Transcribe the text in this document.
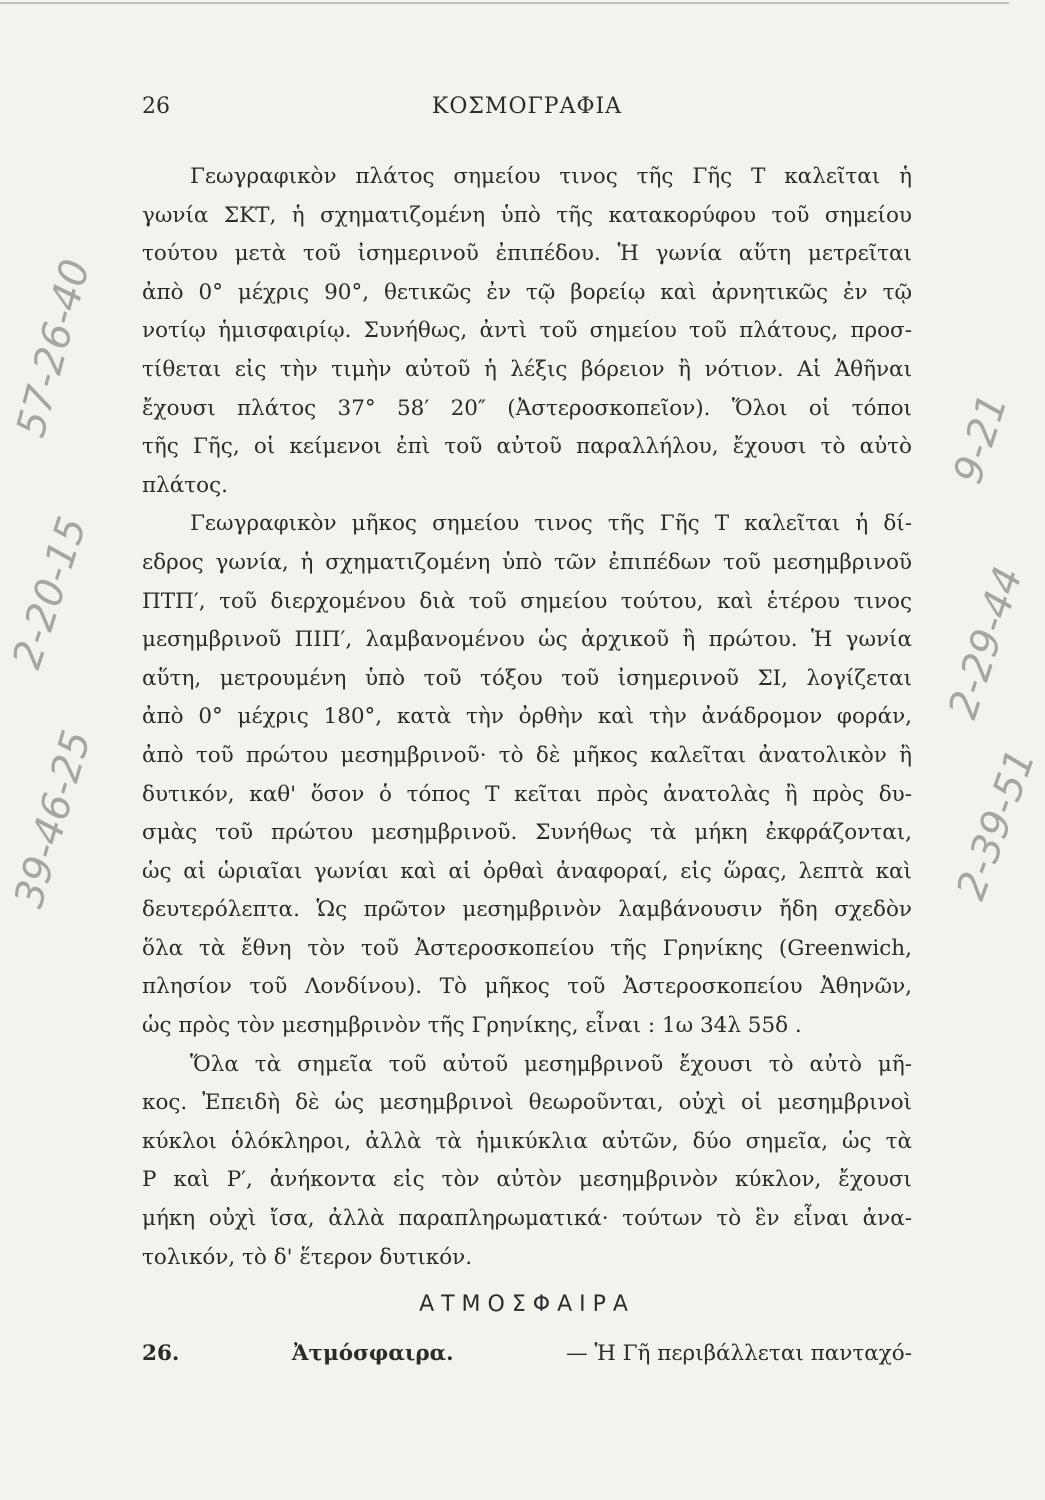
26	ΚΟΣΜΟΓΡΑΦΙΑ

Γεωγραφικὸν πλάτος σημείου τινος τῆς Γῆς Τ καλεῖται ἡ
γωνία ΣΚΤ, ἡ σχηματιζομένη ὑπὸ τῆς κατακορύφου τοῦ σημείου
τούτου μετὰ τοῦ ἰσημερινοῦ ἐπιπέδου. Ἡ γωνία αὕτη μετρεῖται
ἀπὸ 0° μέχρις 90°, θετικῶς ἐν τῷ βορείῳ καὶ ἀρνητικῶς ἐν τῷ
νοτίῳ ἡμισφαιρίῳ. Συνήθως, ἀντὶ τοῦ σημείου τοῦ πλάτους, προσ-
τίθεται εἰς τὴν τιμὴν αὐτοῦ ἡ λέξις βόρειον ἢ νότιον. Αἱ Ἀθῆναι
ἔχουσι πλάτος 37° 58′ 20″ (Ἀστεροσκοπεῖον). Ὅλοι οἱ τόποι
τῆς Γῆς, οἱ κείμενοι ἐπὶ τοῦ αὐτοῦ παραλλήλου, ἔχουσι τὸ αὐτὸ
πλάτος.

Γεωγραφικὸν μῆκος σημείου τινος τῆς Γῆς Τ καλεῖται ἡ δί-
εδρος γωνία, ἡ σχηματιζομένη ὑπὸ τῶν ἐπιπέδων τοῦ μεσημβρινοῦ
ΠΤΠ′, τοῦ διερχομένου διὰ τοῦ σημείου τούτου, καὶ ἑτέρου τινος
μεσημβρινοῦ ΠΙΠ′, λαμβανομένου ὡς ἀρχικοῦ ἢ πρώτου. Ἡ γωνία
αὕτη, μετρουμένη ὑπὸ τοῦ τόξου τοῦ ἰσημερινοῦ ΣΙ, λογίζεται
ἀπὸ 0° μέχρις 180°, κατὰ τὴν ὀρθὴν καὶ τὴν ἀνάδρομον φοράν,
ἀπὸ τοῦ πρώτου μεσημβρινοῦ· τὸ δὲ μῆκος καλεῖται ἀνατολικὸν ἢ
δυτικόν, καθ' ὅσον ὁ τόπος Τ κεῖται πρὸς ἀνατολὰς ἢ πρὸς δυ-
σμὰς τοῦ πρώτου μεσημβρινοῦ. Συνήθως τὰ μήκη ἐκφράζονται,
ὡς αἱ ὡριαῖαι γωνίαι καὶ αἱ ὀρθαὶ ἀναφοραί, εἰς ὥρας, λεπτὰ καὶ
δευτερόλεπτα. Ὡς πρῶτον μεσημβρινὸν λαμβάνουσιν ἤδη σχεδὸν
ὅλα τὰ ἔθνη τὸν τοῦ Ἀστεροσκοπείου τῆς Γρηνίκης (Greenwich,
πλησίον τοῦ Λονδίνου). Τὸ μῆκος τοῦ Ἀστεροσκοπείου Ἀθηνῶν,
ὡς πρὸς τὸν μεσημβρινὸν τῆς Γρηνίκης, εἶναι : 1ω 34λ 55δ .

Ὅλα τὰ σημεῖα τοῦ αὐτοῦ μεσημβρινοῦ ἔχουσι τὸ αὐτὸ μῆ-
κος. Ἐπειδὴ δὲ ὡς μεσημβρινοὶ θεωροῦνται, οὐχὶ οἱ μεσημβρινοὶ
κύκλοι ὁλόκληροι, ἀλλὰ τὰ ἡμικύκλια αὐτῶν, δύο σημεῖα, ὡς τὰ
Ρ καὶ Ρ′, ἀνήκοντα εἰς τὸν αὐτὸν μεσημβρινὸν κύκλον, ἔχουσι
μήκη οὐχὶ ἴσα, ἀλλὰ παραπληρωματικά· τούτων τὸ ἓν εἶναι ἀνα-
τολικόν, τὸ δ' ἕτερον δυτικόν.

ΑΤΜΟΣΦΑΙΡΑ
26.	Ἀτμόσφαιρα.	— Ἡ Γῆ περιβάλλεται πανταχό-
57-26-40
2-20-15
39-46-25
9-21
2-29-44
2-39-51
